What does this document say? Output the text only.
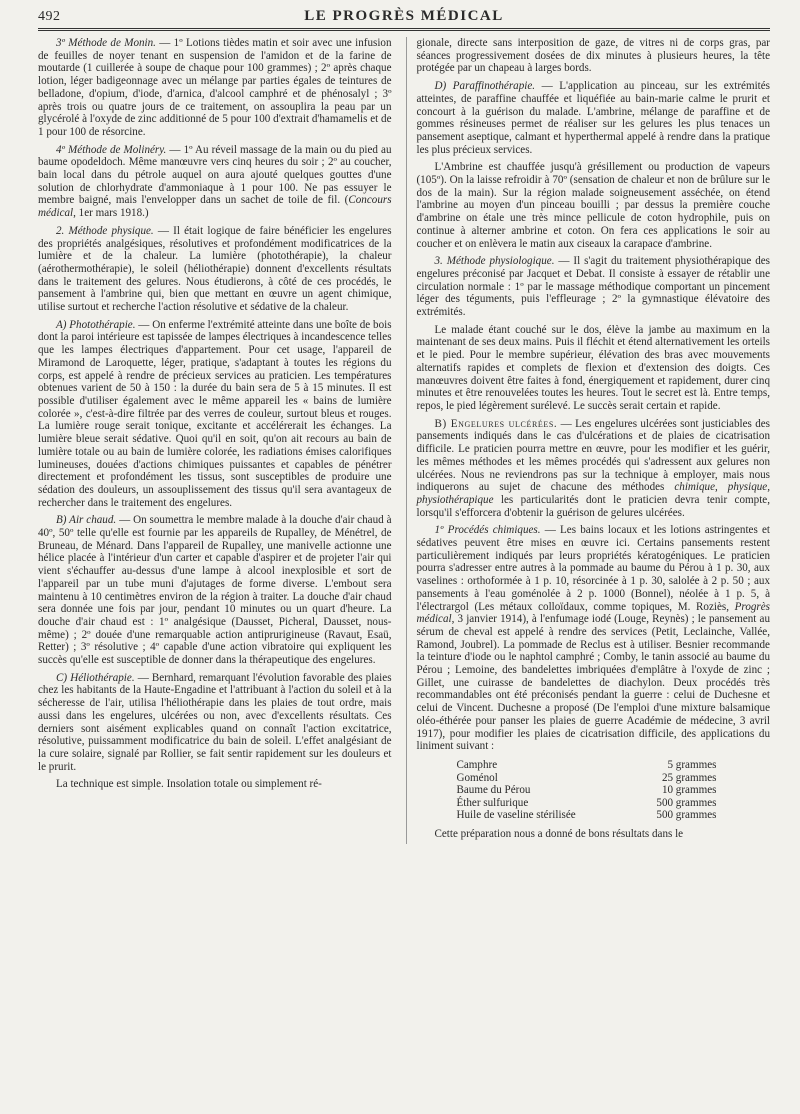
492	LE PROGRÈS MÉDICAL

3º Méthode de Monin. — 1º Lotions tièdes matin et soir avec une infusion de feuilles de noyer tenant en suspension de l'amidon et de la farine de moutarde (1 cuillerée à soupe de chaque pour 100 grammes) ; 2º après chaque lotion, léger badigeonnage avec un mélange par parties égales de teintures de belladone, d'opium, d'iode, d'arnica, d'alcool camphré et de phénosalyl ; 3º après trois ou quatre jours de ce traitement, on assouplira la peau par un glycérolé à l'oxyde de zinc additionné de 5 pour 100 d'extrait d'hamamelis et de 1 pour 100 de résorcine.

4º Méthode de Molinéry. — 1º Au réveil massage de la main ou du pied au baume opodeldoch. Même manœuvre vers cinq heures du soir ; 2º au coucher, bain local dans du pétrole auquel on aura ajouté quelques gouttes d'une solution de chlorhydrate d'ammoniaque à 1 pour 100. Ne pas essuyer le membre baigné, mais l'envelopper dans un sachet de toile de fil. (Concours médical, 1er mars 1918.)

2. Méthode physique. — Il était logique de faire bénéficier les engelures des propriétés analgésiques, résolutives et profondément modificatrices de la lumière et de la chaleur. La lumière (photothérapie), la chaleur (aérothermothérapie), le soleil (héliothérapie) donnent d'excellents résultats dans le traitement des gelures. Nous étudierons, à côté de ces procédés, le pansement à l'ambrine qui, bien que mettant en œuvre un agent chimique, utilise surtout et recherche l'action résolutive et sédative de la chaleur.

A) Photothérapie. — On enferme l'extrémité atteinte dans une boîte de bois dont la paroi intérieure est tapissée de lampes électriques à incandescence telles que les lampes électriques d'appartement. Pour cet usage, l'appareil de Miramond de Laroquette, léger, pratique, s'adaptant à toutes les régions du corps, est appelé à rendre de précieux services au praticien. Les températures obtenues varient de 50 à 150 : la durée du bain sera de 5 à 15 minutes. Il est possible d'utiliser également avec le même appareil les « bains de lumière colorée », c'est-à-dire filtrée par des verres de couleur, surtout bleus et rouges. La lumière rouge serait tonique, excitante et accélérerait les échanges. La lumière bleue serait sédative. Quoi qu'il en soit, qu'on ait recours au bain de lumière totale ou au bain de lumière colorée, les radiations émises calorifiques lumineuses, douées d'actions chimiques puissantes et capables de pénétrer directement et profondément les tissus, sont susceptibles de produire une sédation des douleurs, un assouplissement des tissus qu'il sera avantageux de rechercher dans le traitement des engelures.

B) Air chaud. — On soumettra le membre malade à la douche d'air chaud à 40º, 50º telle qu'elle est fournie par les appareils de Rupalley, de Ménétrel, de Bruneau, de Ménard. Dans l'appareil de Rupalley, une manivelle actionne une hélice placée à l'intérieur d'un carter et capable d'aspirer et de projeter l'air qui vient s'échauffer au-dessus d'une lampe à alcool inexplosible et sort de l'appareil par un tube muni d'ajutages de forme diverse. L'embout sera maintenu à 10 centimètres environ de la région à traiter. La douche d'air chaud sera donnée une fois par jour, pendant 10 minutes ou un quart d'heure. La douche d'air chaud est : 1º analgésique (Dausset, Picheral, Dausset, nous-même) ; 2º douée d'une remarquable action antiprurigineuse (Ravaut, Esaü, Retter) ; 3º résolutive ; 4º capable d'une action vibratoire qui expliquent les succès qu'elle est susceptible de donner dans la thérapeutique des engelures.

C) Héliothérapie. — Bernhard, remarquant l'évolution favorable des plaies chez les habitants de la Haute-Engadine et l'attribuant à l'action du soleil et à la sécheresse de l'air, utilisa l'héliothérapie dans les plaies de tout ordre, mais aussi dans les engelures, ulcérées ou non, avec d'excellents résultats. Ces derniers sont aisément explicables quand on connaît l'action excitatrice, résolutive, puissamment modificatrice du bain de soleil. L'effet analgésiant de la cure solaire, signalé par Rollier, se fait sentir rapidement sur les douleurs et le prurit.

La technique est simple. Insolation totale ou simplement ré-

gionale, directe sans interposition de gaze, de vitres ni de corps gras, par séances progressivement dosées de dix minutes à plusieurs heures, la tête protégée par un chapeau à larges bords.

D) Paraffinothérapie. — L'application au pinceau, sur les extrémités atteintes, de paraffine chauffée et liquéfiée au bain-marie calme le prurit et concourt à la guérison du malade. L'ambrine, mélange de paraffine et de gommes résineuses permet de réaliser sur les gelures les plus tenaces un pansement aseptique, calmant et hyperthermal appelé à rendre dans la pratique les plus précieux services.

L'Ambrine est chauffée jusqu'à grésillement ou production de vapeurs (105º). On la laisse refroidir à 70º (sensation de chaleur et non de brûlure sur le dos de la main). Sur la région malade soigneusement asséchée, on étend l'ambrine au moyen d'un pinceau bouilli ; par dessus la première couche d'ambrine on étale une très mince pellicule de coton hydrophile, puis on continue à alterner ambrine et coton. On fera ces applications le soir au coucher et on enlèvera le matin aux ciseaux la carapace d'ambrine.

3. Méthode physiologique. — Il s'agit du traitement physiothérapique des engelures préconisé par Jacquet et Debat. Il consiste à essayer de rétablir une circulation normale : 1º par le massage méthodique comportant un pincement léger des téguments, puis l'effleurage ; 2º la gymnastique élévatoire des extrémités.

Le malade étant couché sur le dos, élève la jambe au maximum en la maintenant de ses deux mains. Puis il fléchit et étend alternativement les orteils et le pied. Pour le membre supérieur, élévation des bras avec mouvements alternatifs rapides et complets de flexion et d'extension des doigts. Ces manœuvres doivent être faites à fond, énergiquement et rapidement, durer cinq minutes et être renouvelées toutes les heures. Tout le secret est là. Entre temps, repos, le pied légèrement surélevé. Le succès serait certain et rapide.

B) Engelures ulcérées. — Les engelures ulcérées sont justiciables des pansements indiqués dans le cas d'ulcérations et de plaies de cicatrisation difficile. Le praticien pourra mettre en œuvre, pour les modifier et les guérir, les mêmes méthodes et les mêmes procédés qui s'adressent aux gelures non ulcérées. Nous ne reviendrons pas sur la technique à employer, mais nous indiquerons au sujet de chacune des méthodes chimique, physique, physiothérapique les particularités dont le praticien devra tenir compte, lorsqu'il s'efforcera d'obtenir la guérison de gelures ulcérées.

1º Procédés chimiques. — Les bains locaux et les lotions astringentes et sédatives peuvent être mises en œuvre ici. Certains pansements restent particulièrement indiqués par leurs propriétés kératogéniques. Le praticien pourra s'adresser entre autres à la pommade au baume du Pérou à 1 p. 30, aux vaselines : orthoformée à 1 p. 10, résorcinée à 1 p. 30, salolée à 2 p. 50 ; aux pansements à l'eau goménolée à 2 p. 1000 (Bonnel), néolée à 1 p. 5, à l'électrargol (Les métaux colloïdaux, comme topiques, M. Roziès, Progrès médical, 3 janvier 1914), à l'enfumage iodé (Louge, Reynès) ; le pansement au sérum de cheval est appelé à rendre des services (Petit, Leclainche, Vallée, Ramond, Joubrel). La pommade de Reclus est à utiliser. Besnier recommande la teinture d'iode ou le naphtol camphré ; Comby, le tanin associé au baume du Pérou ; Lemoine, des bandelettes imbriquées d'emplâtre à l'oxyde de zinc ; Gillet, une cuirasse de bandelettes de diachylon. Deux procédés très recommandables ont été préconisés pendant la guerre : celui de Duchesne et celui de Vincent. Duchesne a proposé (De l'emploi d'une mixture balsamique oléo-éthérée pour panser les plaies de guerre Académie de médecine, 3 avril 1917), pour modifier les plaies de cicatrisation difficile, des applications du liniment suivant :

Camphre	5 grammes
Goménol	25 grammes
Baume du Pérou	10 grammes
Éther sulfurique	500 grammes
Huile de vaseline stérilisée	500 grammes

Cette préparation nous a donné de bons résultats dans le
